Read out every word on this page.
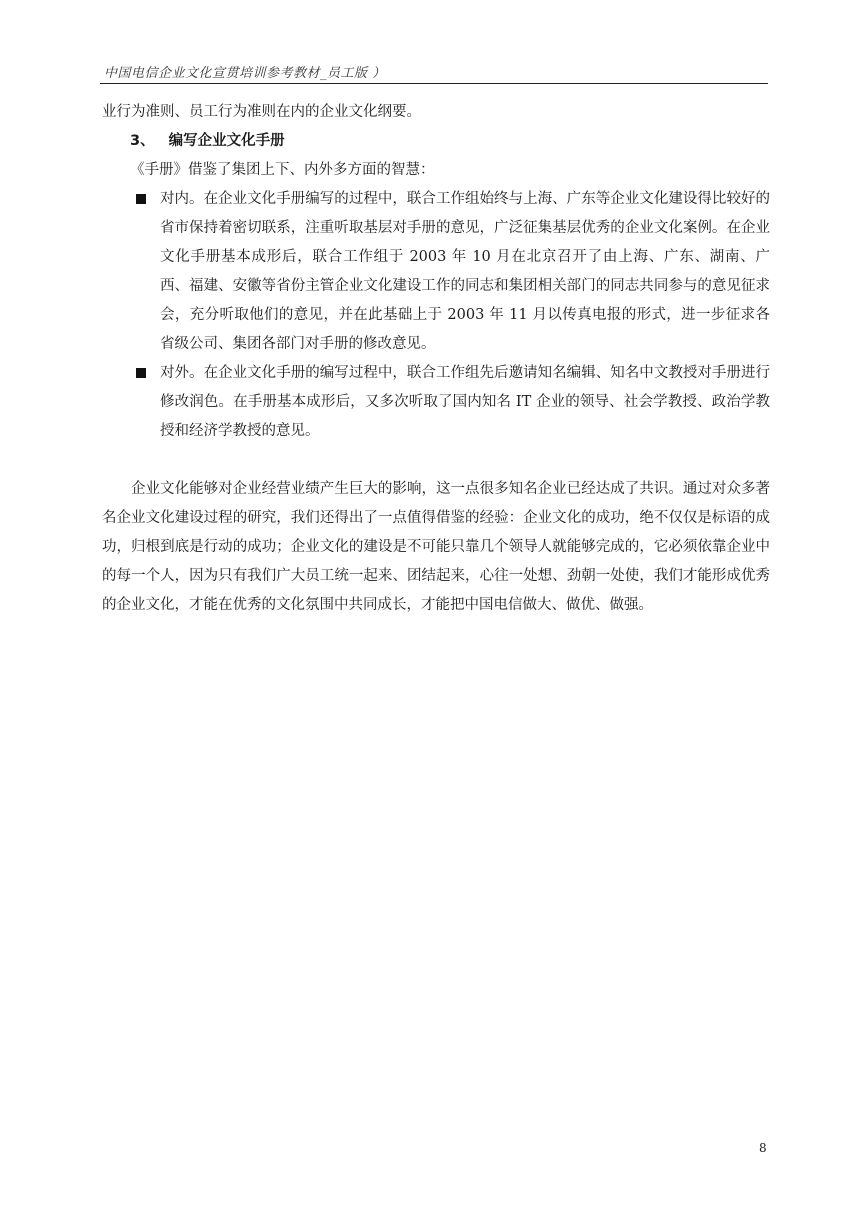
中国电信企业文化宣贯培训参考教材_员工版 ）

业行为准则、员工行为准则在内的企业文化纲要。

3、 编写企业文化手册

《手册》借鉴了集团上下、内外多方面的智慧：

对内。在企业文化手册编写的过程中，联合工作组始终与上海、广东等企业文化建设得比较好的省市保持着密切联系，注重听取基层对手册的意见，广泛征集基层优秀的企业文化案例。在企业文化手册基本成形后，联合工作组于 2003 年 10 月在北京召开了由上海、广东、湖南、广西、福建、安徽等省份主管企业文化建设工作的同志和集团相关部门的同志共同参与的意见征求会，充分听取他们的意见，并在此基础上于 2003 年 11 月以传真电报的形式，进一步征求各省级公司、集团各部门对手册的修改意见。
对外。在企业文化手册的编写过程中，联合工作组先后邀请知名编辑、知名中文教授对手册进行修改润色。在手册基本成形后，又多次听取了国内知名 IT 企业的领导、社会学教授、政治学教授和经济学教授的意见。

企业文化能够对企业经营业绩产生巨大的影响，这一点很多知名企业已经达成了共识。通过对众多著名企业文化建设过程的研究，我们还得出了一点值得借鉴的经验：企业文化的成功，绝不仅仅是标语的成功，归根到底是行动的成功；企业文化的建设是不可能只靠几个领导人就能够完成的，它必须依靠企业中的每一个人，因为只有我们广大员工统一起来、团结起来，心往一处想、劲朝一处使，我们才能形成优秀的企业文化，才能在优秀的文化氛围中共同成长，才能把中国电信做大、做优、做强。

8
